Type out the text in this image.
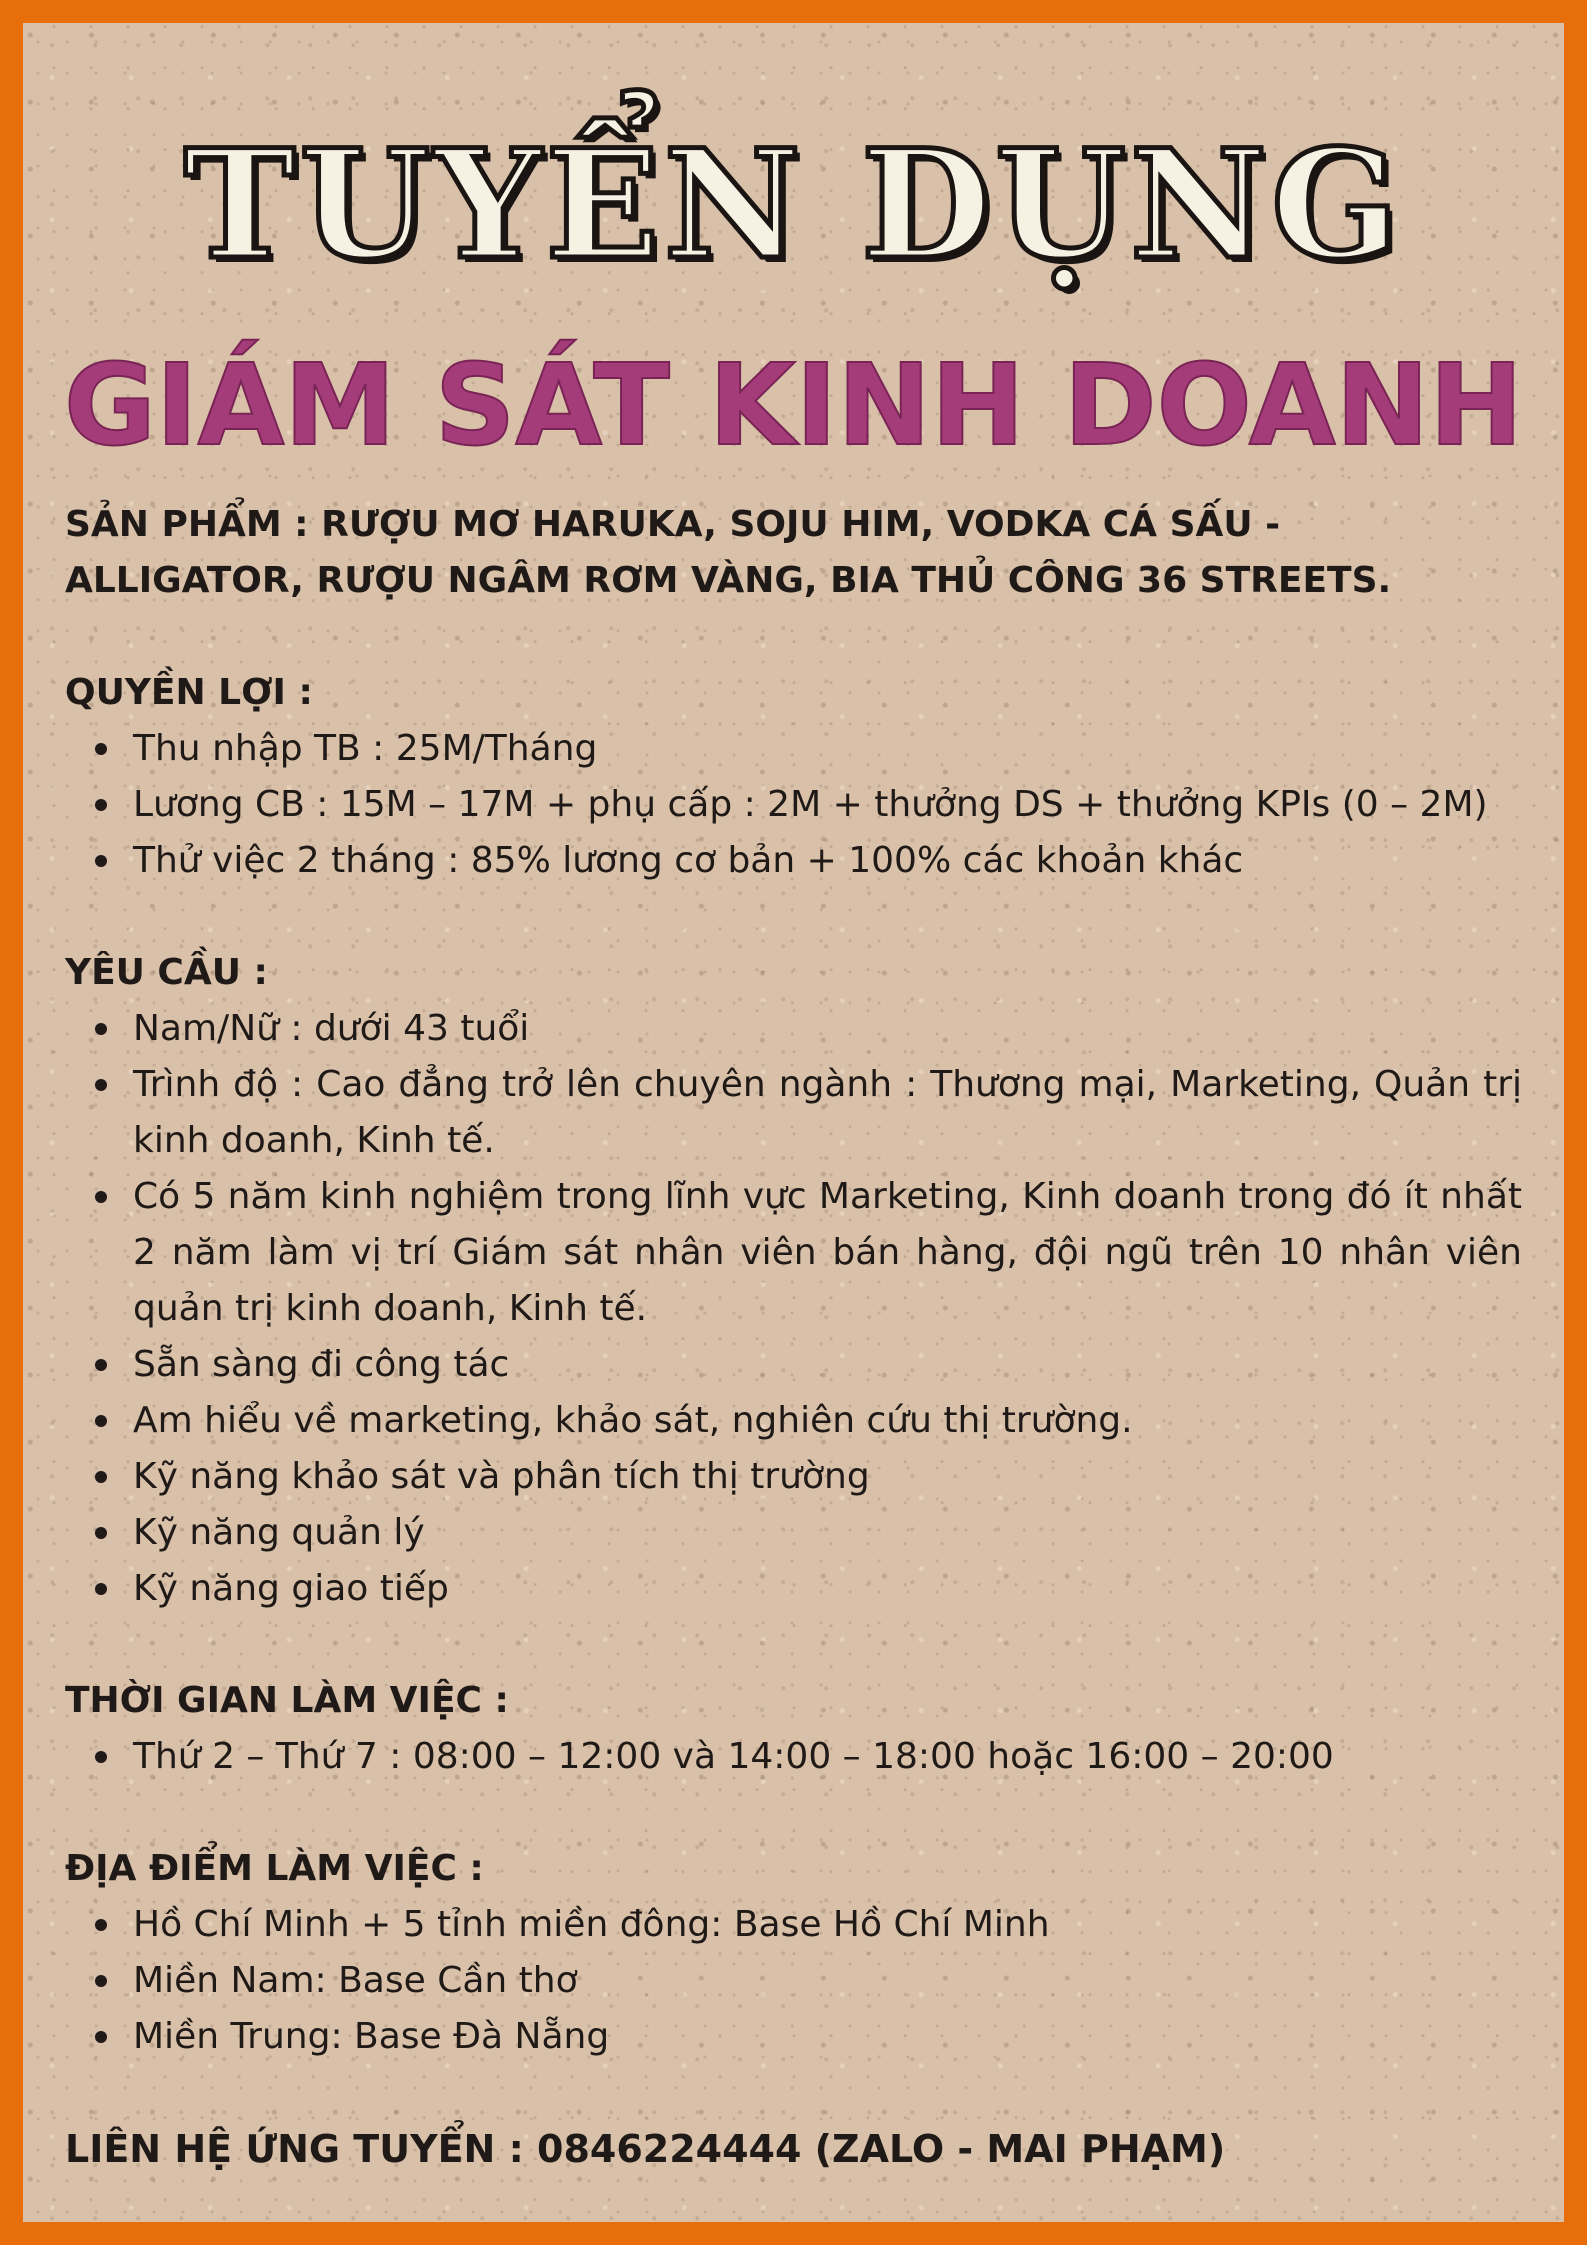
TUYỂN DỤNG
GIÁM SÁT KINH DOANH

SẢN PHẨM : RƯỢU MƠ HARUKA, SOJU HIM, VODKA CÁ SẤU - ALLIGATOR, RƯỢU NGÂM RƠM VÀNG, BIA THỦ CÔNG 36 STREETS.

QUYỀN LỢI :

Thu nhập TB : 25M/Tháng
Lương CB : 15M – 17M + phụ cấp : 2M + thưởng DS + thưởng KPIs (0 – 2M)
Thử việc 2 tháng : 85% lương cơ bản + 100% các khoản khác

YÊU CẦU :

Nam/Nữ : dưới 43 tuổi
Trình độ : Cao đẳng trở lên chuyên ngành : Thương mại, Marketing, Quản trị kinh doanh, Kinh tế.
Có 5 năm kinh nghiệm trong lĩnh vực Marketing, Kinh doanh trong đó ít nhất 2 năm làm vị trí Giám sát nhân viên bán hàng, đội ngũ trên 10 nhân viên quản trị kinh doanh, Kinh tế.
Sẵn sàng đi công tác
Am hiểu về marketing, khảo sát, nghiên cứu thị trường.
Kỹ năng khảo sát và phân tích thị trường
Kỹ năng quản lý
Kỹ năng giao tiếp

THỜI GIAN LÀM VIỆC :

Thứ 2 – Thứ 7 : 08:00 – 12:00 và 14:00 – 18:00 hoặc 16:00 – 20:00

ĐỊA ĐIỂM LÀM VIỆC :

Hồ Chí Minh + 5 tỉnh miền đông: Base Hồ Chí Minh
Miền Nam: Base Cần thơ
Miền Trung: Base Đà Nẵng

LIÊN HỆ ỨNG TUYỂN : 0846224444 (ZALO - MAI PHẠM)
